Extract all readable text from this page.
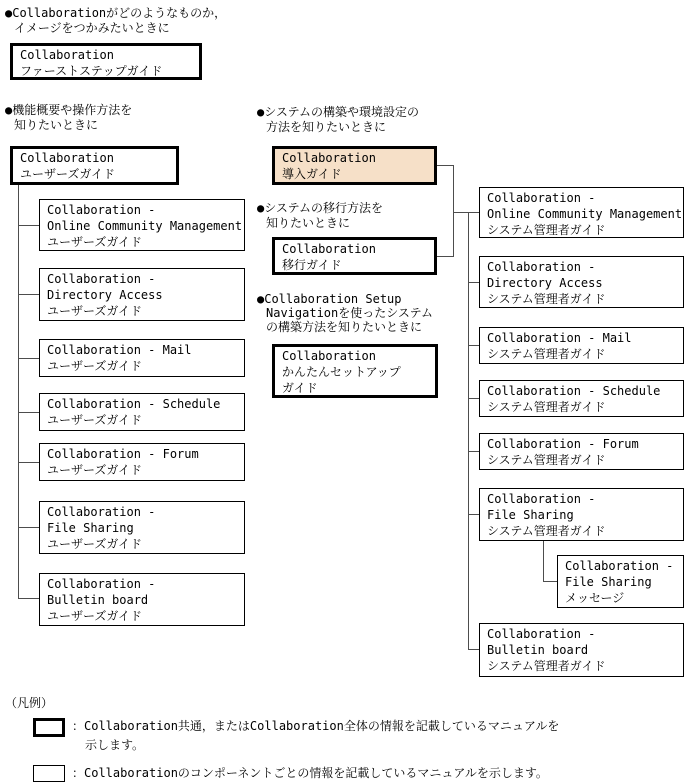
●Collaborationがどのようなものか，
イメージをつかみたいときに
Collaboration
ファーストステップガイド
●機能概要や操作方法を
知りたいときに
Collaboration
ユーザーズガイド
Collaboration -
Online Community Management
ユーザーズガイド
Collaboration -
Directory Access
ユーザーズガイド
Collaboration - Mail
ユーザーズガイド
Collaboration - Schedule
ユーザーズガイド
Collaboration - Forum
ユーザーズガイド
Collaboration -
File Sharing
ユーザーズガイド
Collaboration -
Bulletin board
ユーザーズガイド
●システムの構築や環境設定の
方法を知りたいときに
Collaboration
導入ガイド
●システムの移行方法を
知りたいときに
Collaboration
移行ガイド
●Collaboration Setup
Navigationを使ったシステム
の構築方法を知りたいときに
Collaboration
かんたんセットアップ
ガイド
Collaboration -
Online Community Management
システム管理者ガイド
Collaboration -
Directory Access
システム管理者ガイド
Collaboration - Mail
システム管理者ガイド
Collaboration - Schedule
システム管理者ガイド
Collaboration - Forum
システム管理者ガイド
Collaboration -
File Sharing
システム管理者ガイド
Collaboration -
File Sharing
メッセージ
Collaboration -
Bulletin board
システム管理者ガイド
（凡例）
：Collaboration共通，またはCollaboration全体の情報を記載しているマニュアルを
示します。
：Collaborationのコンポーネントごとの情報を記載しているマニュアルを示します。
